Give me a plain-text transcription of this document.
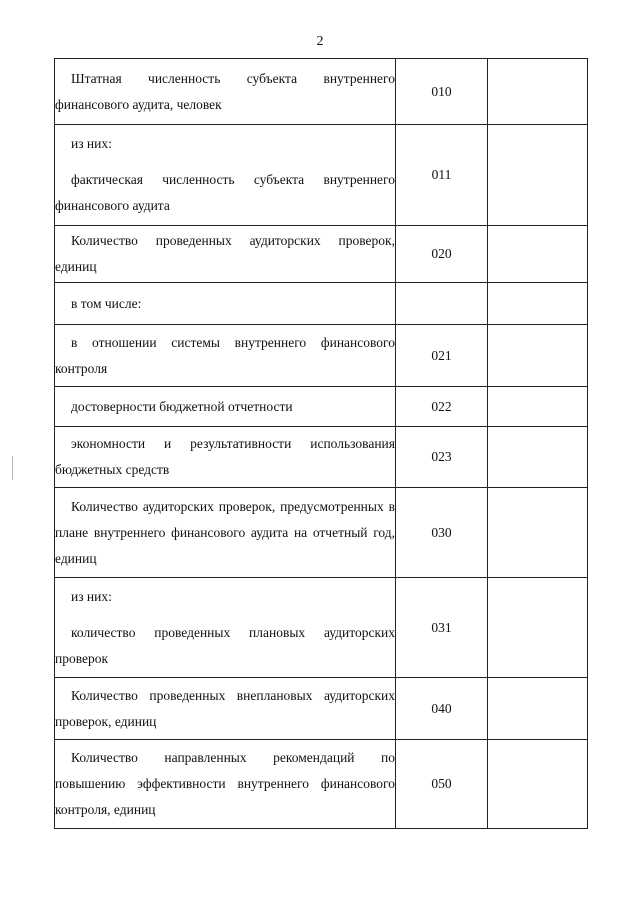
2

Штатная численность субъекта внутреннего финансового аудита, человек	010	

из них:

фактическая численность субъекта внутреннего финансового аудита	011	

Количество проведенных аудиторских проверок, единиц	020	

в том числе:		

в отношении системы внутреннего финансового контроля	021	

достоверности бюджетной отчетности	022	

экономности и результативности использования бюджетных средств	023	

Количество аудиторских проверок, предусмотренных в плане внутреннего финансового аудита на отчетный год, единиц	030	

из них:

количество проведенных плановых аудиторских проверок	031	

Количество проведенных внеплановых аудиторских проверок, единиц	040	

Количество направленных рекомендаций по повышению эффективности внутреннего финансового контроля, единиц	050	
